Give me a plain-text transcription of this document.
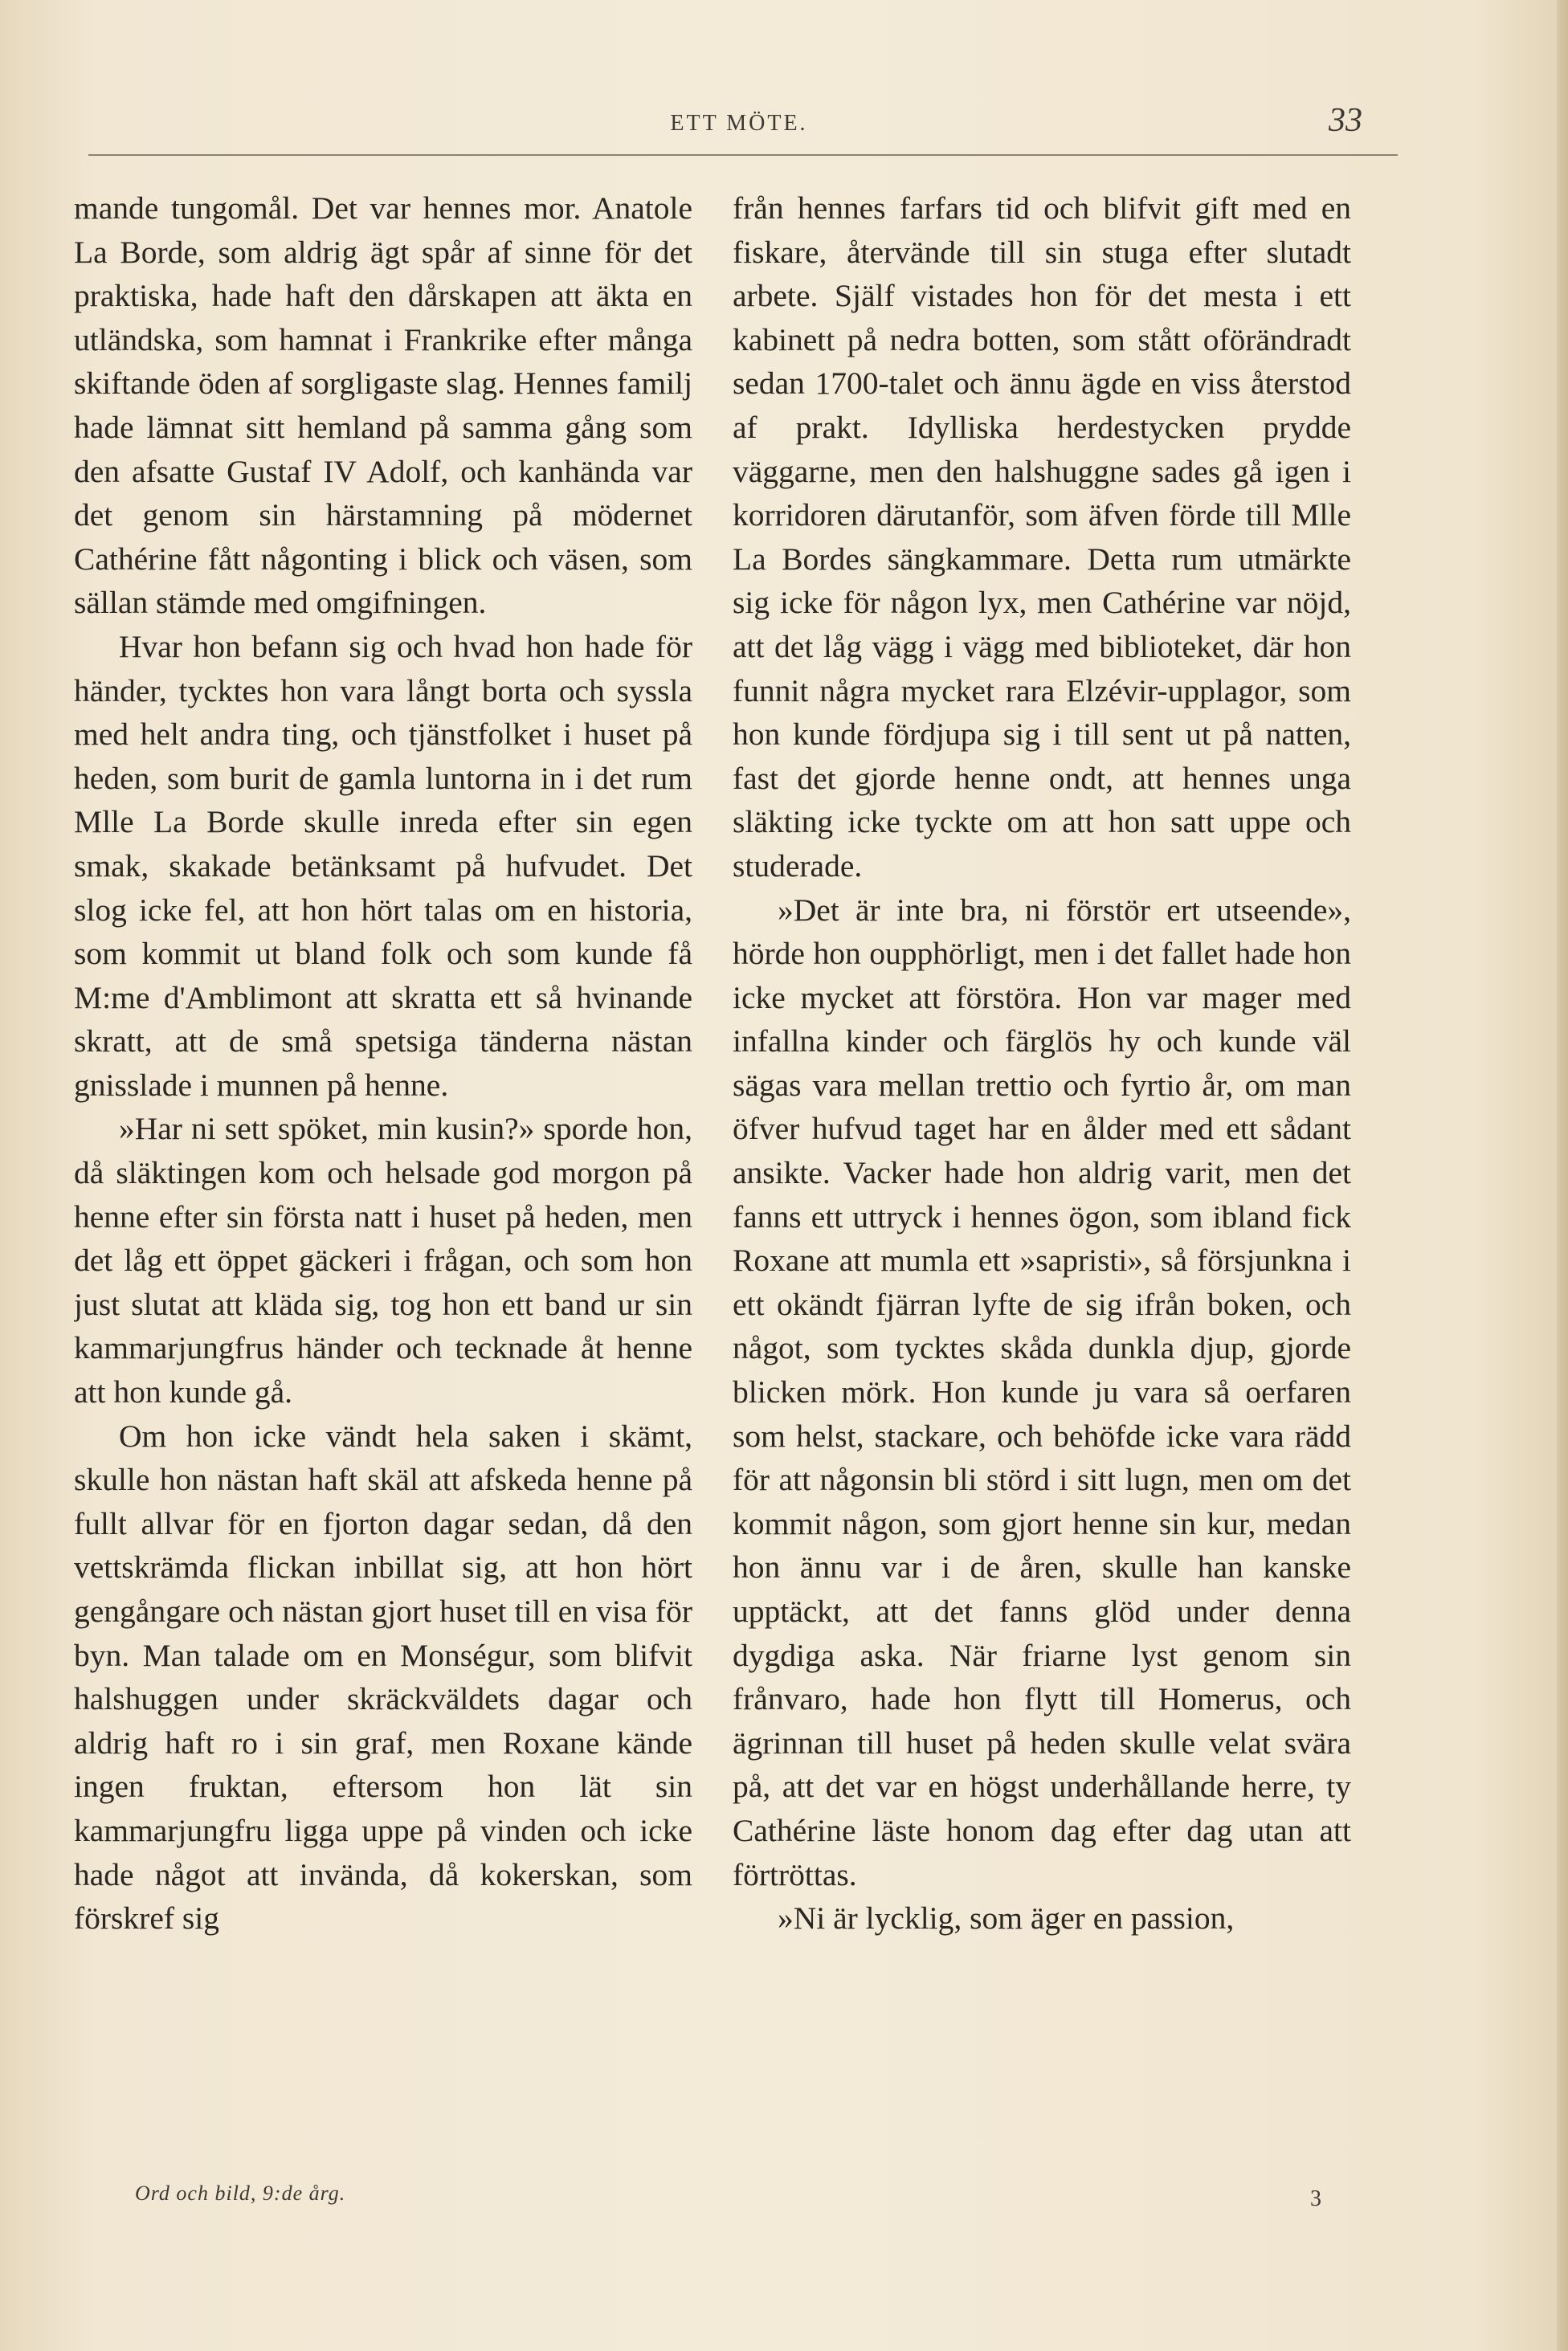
ETT MÖTE.	33

mande tungomål. Det var hennes mor. Anatole La Borde, som aldrig ägt spår af sinne för det praktiska, hade haft den dårskapen att äkta en utländska, som hamnat i Frankrike efter många skiftande öden af sorgligaste slag. Hennes familj hade lämnat sitt hemland på samma gång som den afsatte Gustaf IV Adolf, och kanhända var det genom sin härstamning på mödernet Cathérine fått någonting i blick och väsen, som sällan stämde med omgifningen.

Hvar hon befann sig och hvad hon hade för händer, tycktes hon vara långt borta och syssla med helt andra ting, och tjänstfolket i huset på heden, som burit de gamla luntorna in i det rum Mlle La Borde skulle inreda efter sin egen smak, skakade betänksamt på hufvudet. Det slog icke fel, att hon hört talas om en historia, som kommit ut bland folk och som kunde få M:me d'Amblimont att skratta ett så hvinande skratt, att de små spetsiga tänderna nästan gnisslade i munnen på henne.

»Har ni sett spöket, min kusin?» sporde hon, då släktingen kom och helsade god morgon på henne efter sin första natt i huset på heden, men det låg ett öppet gäckeri i frågan, och som hon just slutat att kläda sig, tog hon ett band ur sin kammarjungfrus händer och tecknade åt henne att hon kunde gå.

Om hon icke vändt hela saken i skämt, skulle hon nästan haft skäl att afskeda henne på fullt allvar för en fjorton dagar sedan, då den vettskrämda flickan inbillat sig, att hon hört gengångare och nästan gjort huset till en visa för byn. Man talade om en Monségur, som blifvit halshuggen under skräckväldets dagar och aldrig haft ro i sin graf, men Roxane kände ingen fruktan, eftersom hon lät sin kammarjungfru ligga uppe på vinden och icke hade något att invända, då kokerskan, som förskref sig

från hennes farfars tid och blifvit gift med en fiskare, återvände till sin stuga efter slutadt arbete. Själf vistades hon för det mesta i ett kabinett på nedra botten, som stått oförändradt sedan 1700-talet och ännu ägde en viss återstod af prakt. Idylliska herdestycken prydde väggarne, men den halshuggne sades gå igen i korridoren därutanför, som äfven förde till Mlle La Bordes sängkammare. Detta rum utmärkte sig icke för någon lyx, men Cathérine var nöjd, att det låg vägg i vägg med biblioteket, där hon funnit några mycket rara Elzévir-upplagor, som hon kunde fördjupa sig i till sent ut på natten, fast det gjorde henne ondt, att hennes unga släkting icke tyckte om att hon satt uppe och studerade.

»Det är inte bra, ni förstör ert utseende», hörde hon oupphörligt, men i det fallet hade hon icke mycket att förstöra. Hon var mager med infallna kinder och färglös hy och kunde väl sägas vara mellan trettio och fyrtio år, om man öfver hufvud taget har en ålder med ett sådant ansikte. Vacker hade hon aldrig varit, men det fanns ett uttryck i hennes ögon, som ibland fick Roxane att mumla ett »sapristi», så försjunkna i ett okändt fjärran lyfte de sig ifrån boken, och något, som tycktes skåda dunkla djup, gjorde blicken mörk. Hon kunde ju vara så oerfaren som helst, stackare, och behöfde icke vara rädd för att någonsin bli störd i sitt lugn, men om det kommit någon, som gjort henne sin kur, medan hon ännu var i de åren, skulle han kanske upptäckt, att det fanns glöd under denna dygdiga aska. När friarne lyst genom sin frånvaro, hade hon flytt till Homerus, och ägrinnan till huset på heden skulle velat svära på, att det var en högst underhållande herre, ty Cathérine läste honom dag efter dag utan att förtröttas.

»Ni är lycklig, som äger en passion,

Ord och bild, 9:de årg.	3
